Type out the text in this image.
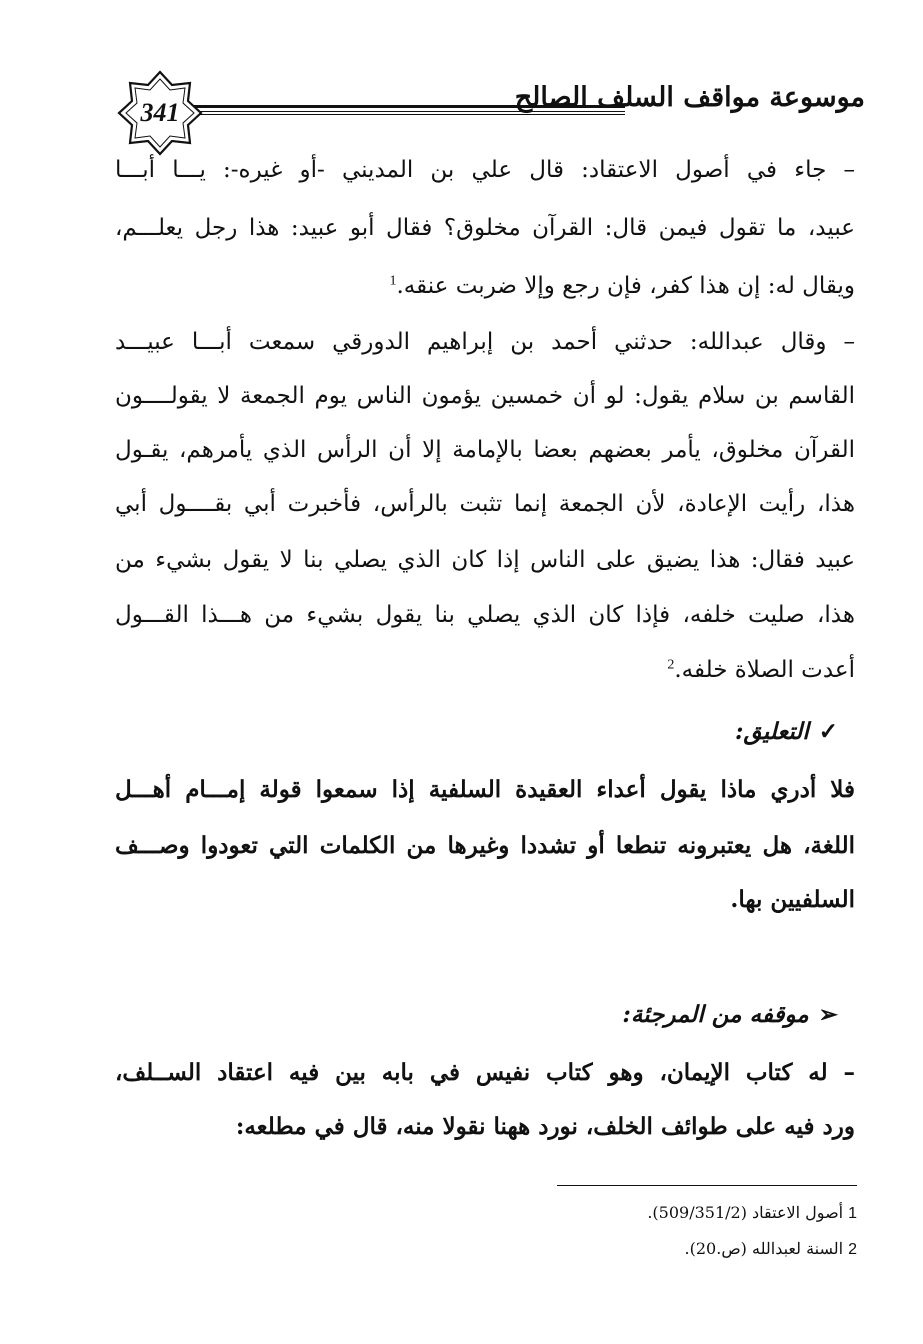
341	موسوعة مواقف السلف الصالح
– جاء في أصول الاعتقاد: قال علي بن المديني -أو غيره-: يـــا أبـــا
عبيد، ما تقول فيمن قال: القرآن مخلوق؟ فقال أبو عبيد: هذا رجل يعلـــم،
ويقال له: إن هذا كفر، فإن رجع وإلا ضربت عنقه.$^1$
– وقال عبدالله: حدثني أحمد بن إبراهيم الدورقي سمعت أبـــا عبيـــد
القاسم بن سلام يقول: لو أن خمسين يؤمون الناس يوم الجمعة لا يقولــــون
القرآن مخلوق، يأمر بعضهم بعضا بالإمامة إلا أن الرأس الذي يأمرهم، يقـول
هذا، رأيت الإعادة، لأن الجمعة إنما تثبت بالرأس، فأخبرت أبي بقــــول أبي
عبيد فقال: هذا يضيق على الناس إذا كان الذي يصلي بنا لا يقول بشيء من
هذا، صليت خلفه، فإذا كان الذي يصلي بنا يقول بشيء من هـــذا القـــول
أعدت الصلاة خلفه.$^2$
✓التعليق:
فلا أدري ماذا يقول أعداء العقيدة السلفية إذا سمعوا قولة إمـــام أهـــل
اللغة، هل يعتبرونه تنطعا أو تشددا وغيرها من الكلمات التي تعودوا وصـــف
السلفيين بها.
➢موقفه من المرجئة:
– له كتاب الإيمان، وهو كتاب نفيس في بابه بين فيه اعتقاد الســلف،
ورد فيه على طوائف الخلف، نورد ههنا نقولا منه، قال في مطلعه:
1أصول الاعتقاد (509/351/2).
2السنة لعبدالله (ص.20).
